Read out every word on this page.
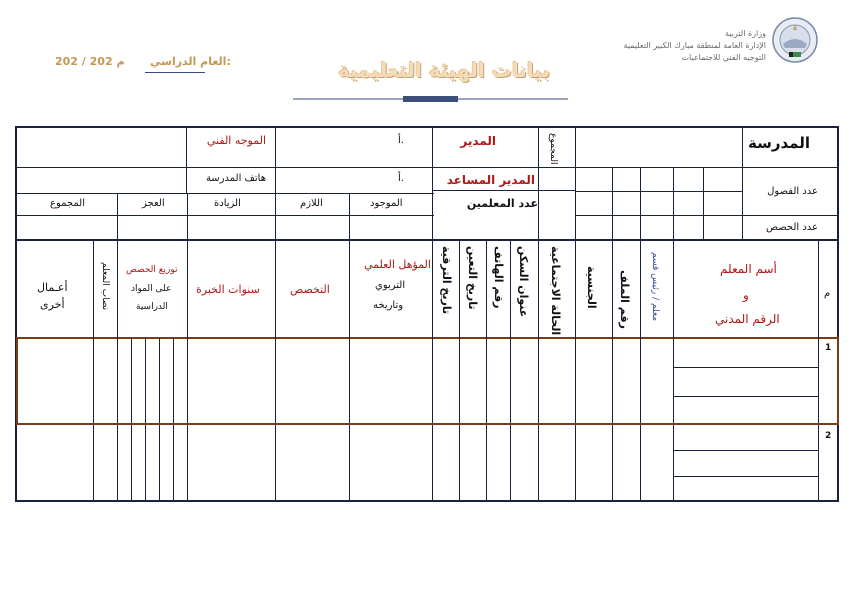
وزارة التربية
الإدارة العامة لمنطقة مبارك الكبير التعليمية
التوجيه الفني للاجتماعيات
بيانات الهيئة التعليمية
العام الدراسي:
202 / 202 م
المدرسة
المدير
أ.
الموجه الفني	المجموع
المدير المساعد
أ.
هاتف المدرسة
عدد الفصول
عدد المعلمين
الموجود
اللازم
الزيادة
العجز
المجموع
عدد الحصص
م
أسم المعلم
و
الرقم المدني
معلم / رئيس قسم
رقم الملف
الجنسية
الحالة الاجتماعية
عنوان السكن
رقم الهاتف
تاريخ التعين
تاريخ الترقية
المؤهل العلمي
التربوي
وتاريخه
التخصص
سنوات الخبرة
توزيع الحصص
على المواد
الدراسية
نصاب المعلم
أعـمال
أخرى
1
2
